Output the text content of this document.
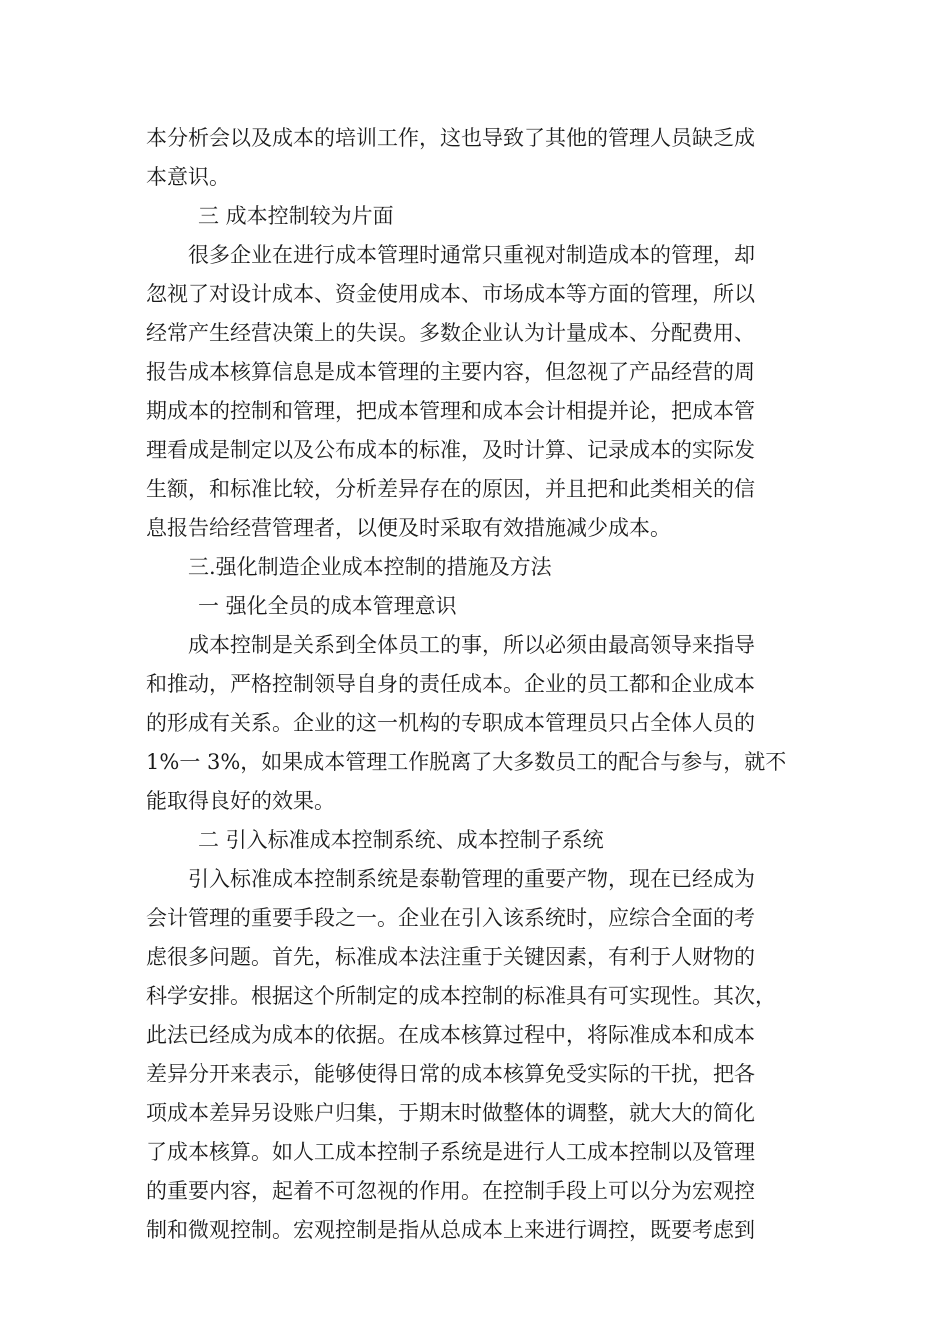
本分析会以及成本的培训工作，这也导致了其他的管理人员缺乏成
本意识。
三 成本控制较为片面
很多企业在进行成本管理时通常只重视对制造成本的管理，却
忽视了对设计成本、资金使用成本、市场成本等方面的管理，所以
经常产生经营决策上的失误。多数企业认为计量成本、分配费用、
报告成本核算信息是成本管理的主要内容，但忽视了产品经营的周
期成本的控制和管理，把成本管理和成本会计相提并论，把成本管
理看成是制定以及公布成本的标准，及时计算、记录成本的实际发
生额，和标准比较，分析差异存在的原因，并且把和此类相关的信
息报告给经营管理者，以便及时采取有效措施减少成本。
三.强化制造企业成本控制的措施及方法
一 强化全员的成本管理意识
成本控制是关系到全体员工的事，所以必须由最高领导来指导
和推动，严格控制领导自身的责任成本。企业的员工都和企业成本
的形成有关系。企业的这一机构的专职成本管理员只占全体人员的
1%一 3%，如果成本管理工作脱离了大多数员工的配合与参与，就不
能取得良好的效果。
二 引入标准成本控制系统、成本控制子系统
引入标准成本控制系统是泰勒管理的重要产物，现在已经成为
会计管理的重要手段之一。企业在引入该系统时，应综合全面的考
虑很多问题。首先，标准成本法注重于关键因素，有利于人财物的
科学安排。根据这个所制定的成本控制的标准具有可实现性。其次，
此法已经成为成本的依据。在成本核算过程中，将际准成本和成本
差异分开来表示，能够使得日常的成本核算免受实际的干扰，把各
项成本差异另设账户归集，于期末时做整体的调整，就大大的简化
了成本核算。如人工成本控制子系统是进行人工成本控制以及管理
的重要内容，起着不可忽视的作用。在控制手段上可以分为宏观控
制和微观控制。宏观控制是指从总成本上来进行调控，既要考虑到
